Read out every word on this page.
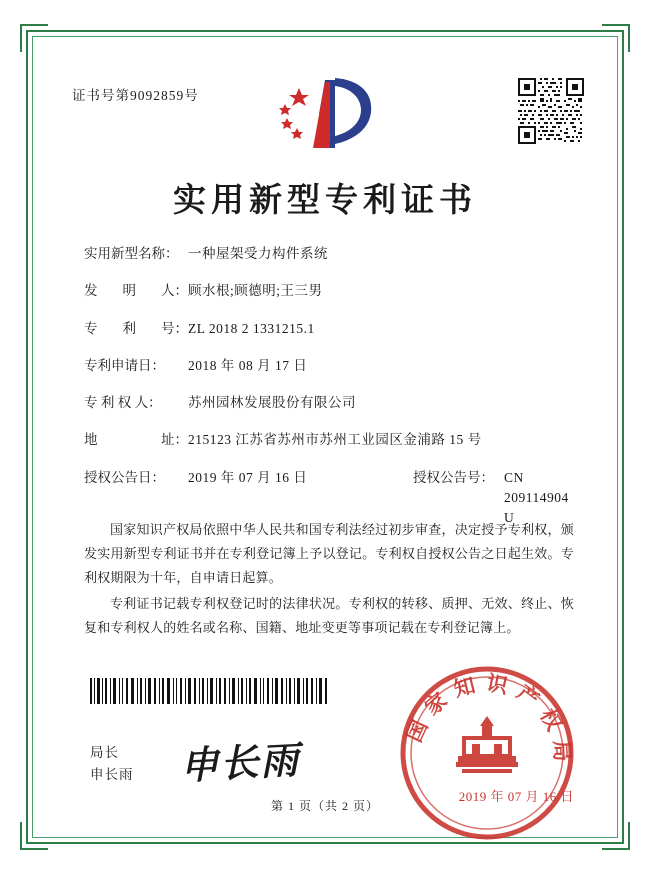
证书号第9092859号
实用新型专利证书
实用新型名称： 一种屋架受力构件系统
发 明 人： 顾水根;顾德明;王三男
专 利 号： ZL 2018 2 1331215.1
专利申请日：	2018 年 08 月 17 日
专 利 权 人：	苏州园林发展股份有限公司
地	址： 215123 江苏省苏州市苏州工业园区金浦路 15 号
授权公告日：	2019 年 07 月 16 日	授权公告号： CN 209114904 U

国家知识产权局依照中华人民共和国专利法经过初步审查，决定授予专利权，颁发实用新型专利证书并在专利登记簿上予以登记。专利权自授权公告之日起生效。专利权期限为十年，自申请日起算。

专利证书记载专利权登记时的法律状况。专利权的转移、质押、无效、终止、恢复和专利权人的姓名或名称、国籍、地址变更等事项记载在专利登记簿上。

局长
申长雨 申长雨
国家知识产权局
2019 年 07 月 16 日
第 1 页（共 2 页）
